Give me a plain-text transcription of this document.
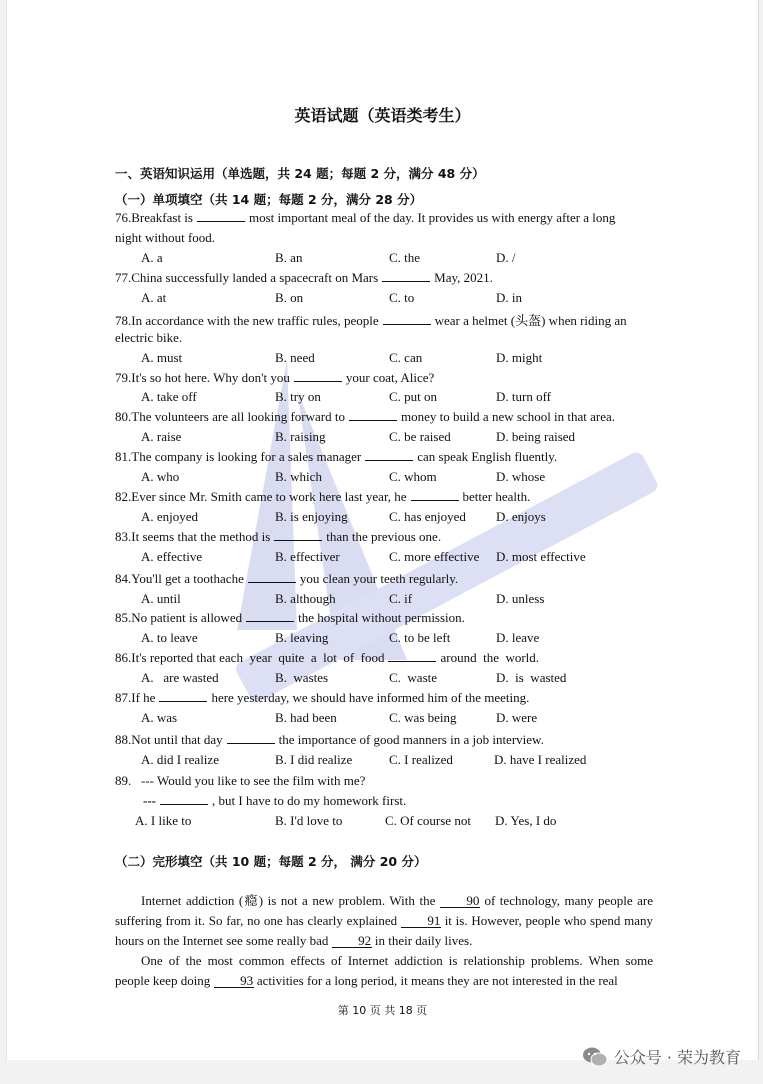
英语试题（英语类考生）
一、英语知识运用（单选题，共 24 题；每题 2 分，满分 48 分）
（一）单项填空（共 14 题；每题 2 分，满分 28 分）
76.Breakfast is	most important meal of the day. It provides us with energy after a long
night without food.
A. a	B. an	C. the	D. /
77.China successfully landed a spacecraft on Mars	May, 2021.
A. at	B. on	C. to	D. in
78.In accordance with the new traffic rules, people	wear a helmet (头盔) when riding an
electric bike.
A. must	B. need	C. can	D. might
79.It's so hot here. Why don't you	your coat, Alice?
A. take off	B. try on	C. put on	D. turn off
80.The volunteers are all looking forward to	money to build a new school in that area.
A. raise	B. raising	C. be raised	D. being raised
81.The company is looking for a sales manager	can speak English fluently.
A. who	B. which	C. whom	D. whose
82.Ever since Mr. Smith came to work here last year, he	better health.
A. enjoyed	B. is enjoying	C. has enjoyed D. enjoys
83.It seems that the method is	than the previous one.
A. effective	B. effectiver	C. more effective D. most effective
84.You'll get a toothache	you clean your teeth regularly.
A. until	B. although	C. if	D. unless
85.No patient is allowed	the hospital without permission.
A. to leave	B. leaving	C. to be left	D. leave
86.It's reported that each  year  quite  a  lot  of  food	around  the  world.
A.   are wasted	B.  wastes	C.  waste	D.  is  wasted
87.If he	here yesterday, we should have informed him of the meeting.
A. was	B. had been	C. was being	D. were
88.Not until that day	the importance of good manners in a job interview.
A. did I realize	B. I did realize	C. I realized	D. have I realized
89.   --- Would you like to see the film with me?
---	, but I have to do my homework first.
A. I like to	B. I'd love to	C. Of course not D. Yes, I do
（二）完形填空（共 10 题；每题 2 分， 满分 20 分）
Internet addiction (瘾) is not a new problem. With the 90 of technology, many people are suffering from it. So far, no one has clearly explained 91 it is. However, people who spend many hours on the Internet see some really bad 92 in their daily lives.
One of the most common effects of Internet addiction is relationship problems. When some people keep doing 93 activities for a long period, it means they are not interested in the real
第 10 页 共 18 页
公众号 · 荣为教育
